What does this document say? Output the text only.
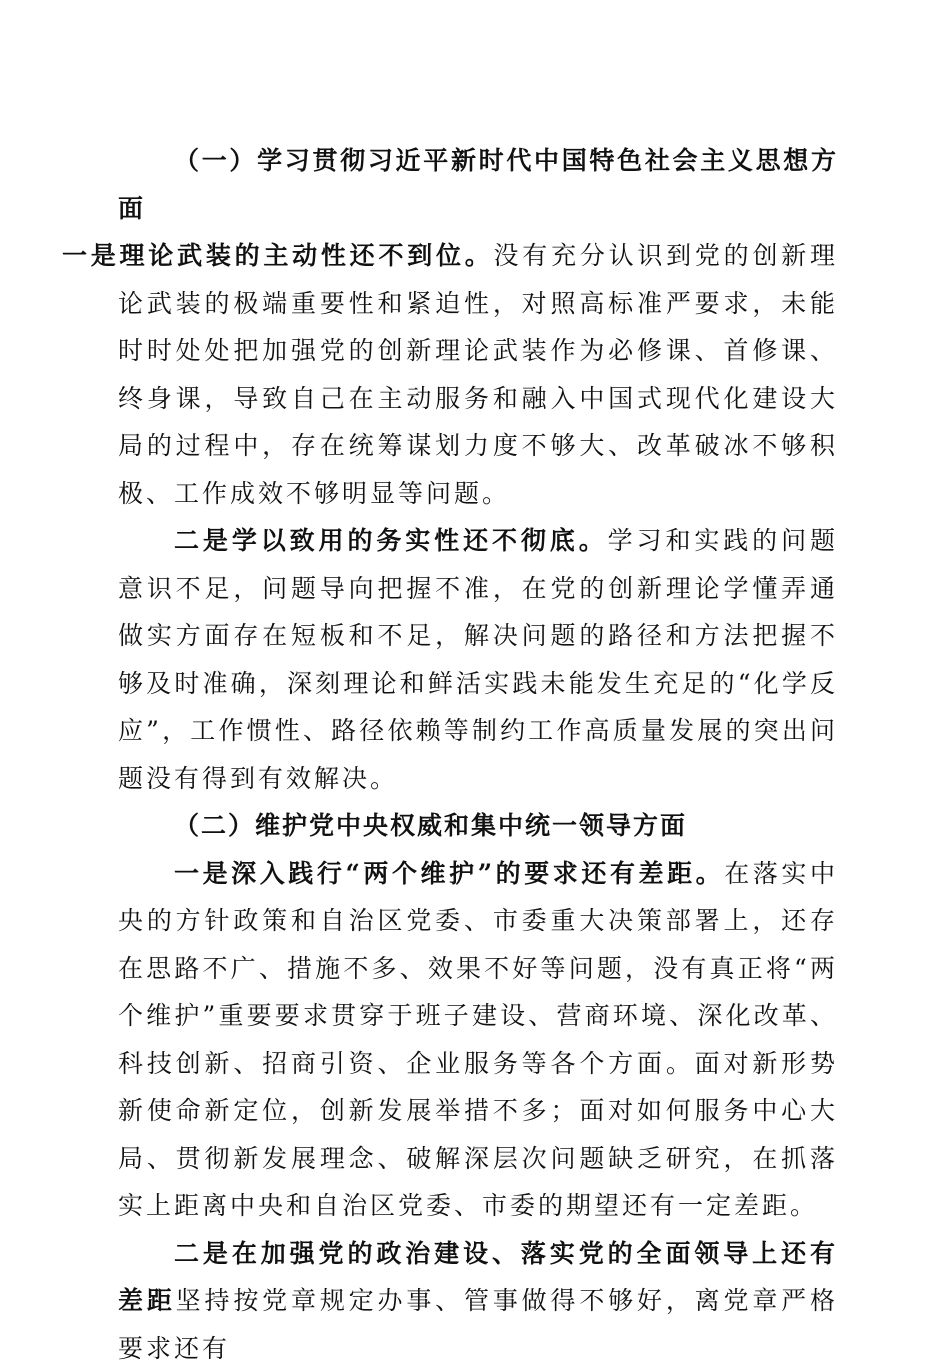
（一）学习贯彻习近平新时代中国特色社会主义思想方面
一是理论武装的主动性还不到位。没有充分认识到党的创新理论武装的极端重要性和紧迫性，对照高标准严要求，未能时时处处把加强党的创新理论武装作为必修课、首修课、终身课，导致自己在主动服务和融入中国式现代化建设大局的过程中，存在统筹谋划力度不够大、改革破冰不够积极、工作成效不够明显等问题。

二是学以致用的务实性还不彻底。学习和实践的问题意识不足，问题导向把握不准，在党的创新理论学懂弄通做实方面存在短板和不足，解决问题的路径和方法把握不够及时准确，深刻理论和鲜活实践未能发生充足的“化学反应”，工作惯性、路径依赖等制约工作高质量发展的突出问题没有得到有效解决。

（二）维护党中央权威和集中统一领导方面

一是深入践行“两个维护”的要求还有差距。在落实中央的方针政策和自治区党委、市委重大决策部署上，还存在思路不广、措施不多、效果不好等问题，没有真正将“两个维护”重要要求贯穿于班子建设、营商环境、深化改革、科技创新、招商引资、企业服务等各个方面。面对新形势新使命新定位，创新发展举措不多；面对如何服务中心大局、贯彻新发展理念、破解深层次问题缺乏研究，在抓落实上距离中央和自治区党委、市委的期望还有一定差距。

二是在加强党的政治建设、落实党的全面领导上还有差距坚持按党章规定办事、管事做得不够好，离党章严格要求还有
